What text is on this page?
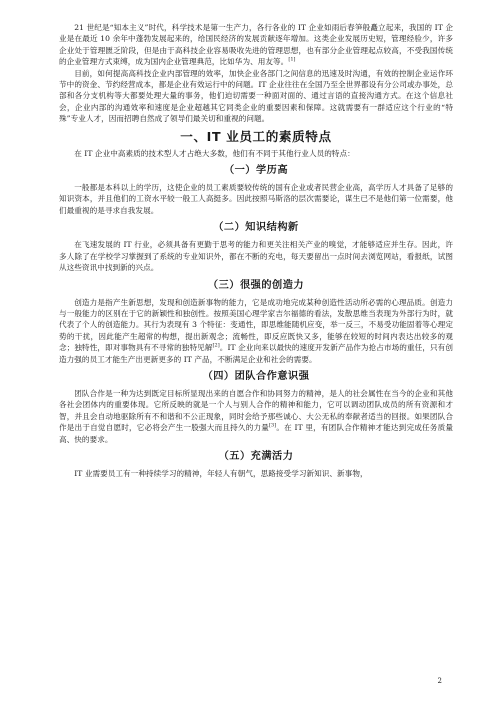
21 世纪是“知本主义”时代，科学技术是第一生产力，各行各业的 IT 企业如雨后春笋般矗立起来，我国的 IT 企业是在最近 10 余年中蓬勃发展起来的，给国民经济的发展贡献逐年增加。这类企业发展历史短，管理经验少，许多企业处于管理匮乏阶段，但是由于高科技企业容易吸收先进的管理思想，也有部分企业管理起点较高，不受我国传统的企业管理方式束缚，成为国内企业管理典范，比如华为、用友等。[1]

目前，如何提高高科技企业内部管理的效率，加快企业各部门之间信息的迅速及时沟通，有效的控制企业运作环节中的资金、节约经营成本，都是企业有效运行中的问题。IT 企业往往在全国乃至全世界都设有分公司或办事处，总部和各分支机构等大都要处理大量的事务，他们迫切需要一种面对面的、通过言语的直接沟通方式。在这个信息社会，企业内部的沟通效率和速度是企业超越其它同类企业的重要因素和保障。这就需要有一群适应这个行业的“特殊”专业人才，因而招聘自然成了领导们最关切和重视的问题。

一、IT 业员工的素质特点

在 IT 企业中高素质的技术型人才占绝大多数，他们有不同于其他行业人员的特点：

（一）学历高

一般都是本科以上的学历，这使企业的员工素质要较传统的国有企业或者民营企业高，高学历人才具备了足够的知识资本，并且他们的工资水平较一般工人高挺多。因此按照马斯洛的层次需要论，谋生已不是他们第一位需要，他们最重视的是寻求自我发展。

（二）知识结构新

在飞速发展的 IT 行业，必须具备有更勤于思考的能力和更关注相关产业的嗅觉，才能够适应并生存。因此，许多人除了在学校学习掌握到了系统的专业知识外，都在不断的充电，每天要留出一点时间去浏览网站，看报纸，试图从这些资讯中找到新的兴点。

（三）很强的创造力

创造力是指产生新思想，发现和创造新事物的能力，它是成功地完成某种创造性活动所必需的心理品质。创造力与一般能力的区别在于它的新颖性和独创性。按照美国心理学家吉尔福德的看法，发散思维当表现为外部行为时，就代表了个人的创造能力。其行为表现有 3 个特征：变通性，即思维能随机应变，举一反三，不易受功能固着等心理定势的干扰，因此能产生超常的构想，提出新观念；流畅性，即反应既快又多，能够在较短的时间内表达出较多的观念；独特性，即对事物具有不寻常的独特见解[2]。IT 企业向来以最快的速度开发新产品作为抢占市场的重任，只有创造力强的员工才能生产出更新更多的 IT 产品，不断满足企业和社会的需要。

（四）团队合作意识强

团队合作是一种为达到既定目标所显现出来的自愿合作和协同努力的精神，是人的社会属性在当今的企业和其他各社会团体内的重要体现。它所反映的就是一个人与别人合作的精神和能力，它可以调动团队成员的所有资源和才智，并且会自动地驱除所有不和谐和不公正现象，同时会给予那些诚心、大公无私的奉献者适当的回报。如果团队合作是出于自觉自愿时，它必将会产生一股强大而且持久的力量[3]。在 IT 里，有团队合作精神才能达到完成任务质量高、快的要求。

（五）充满活力

IT 业需要员工有一种持续学习的精神，年轻人有朝气，思路接受学习新知识、新事物，

2
